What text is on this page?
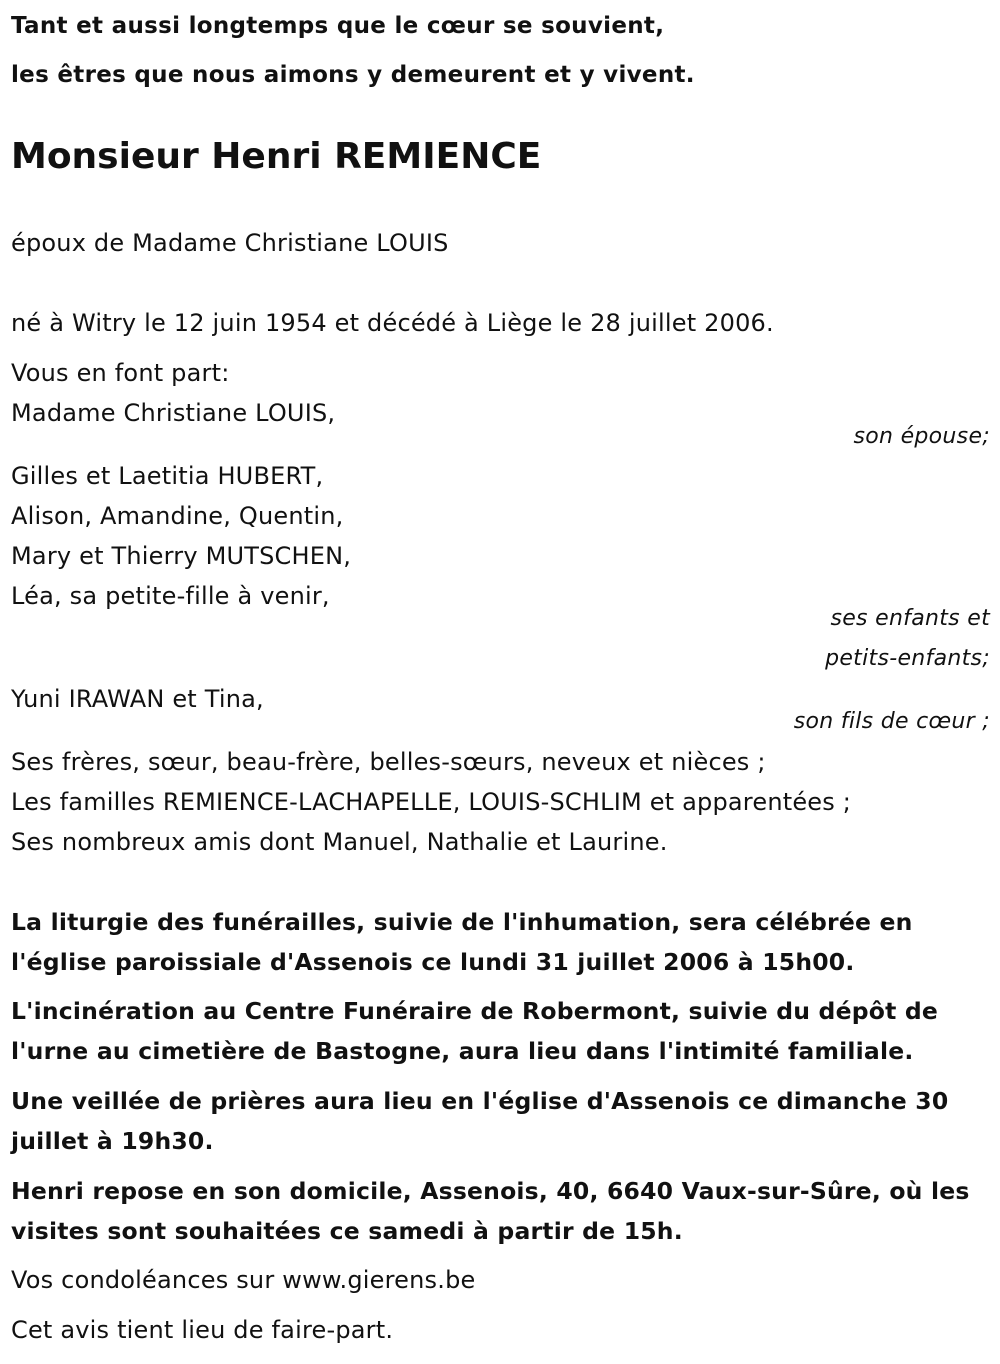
Tant et aussi longtemps que le cœur se souvient,
les êtres que nous aimons y demeurent et y vivent.
Monsieur Henri REMIENCE
époux de Madame Christiane LOUIS
né à Witry le 12 juin 1954 et décédé à Liège le 28 juillet 2006.
Vous en font part:
Madame Christiane LOUIS,
son épouse;
Gilles et Laetitia HUBERT,
Alison, Amandine, Quentin,
Mary et Thierry MUTSCHEN,
Léa, sa petite-fille à venir,
ses enfants et
petits-enfants;
Yuni IRAWAN et Tina,
son fils de cœur ;
Ses frères, sœur, beau-frère, belles-sœurs, neveux et nièces ;
Les familles REMIENCE-LACHAPELLE, LOUIS-SCHLIM et apparentées ;
Ses nombreux amis dont Manuel, Nathalie et Laurine.
La liturgie des funérailles, suivie de l'inhumation, sera célébrée en
l'église paroissiale d'Assenois ce lundi 31 juillet 2006 à 15h00.
L'incinération au Centre Funéraire de Robermont, suivie du dépôt de
l'urne au cimetière de Bastogne, aura lieu dans l'intimité familiale.
Une veillée de prières aura lieu en l'église d'Assenois ce dimanche 30
juillet à 19h30.
Henri repose en son domicile, Assenois, 40, 6640 Vaux-sur-Sûre, où les
visites sont souhaitées ce samedi à partir de 15h.
Vos condoléances sur www.gierens.be
Cet avis tient lieu de faire-part.
